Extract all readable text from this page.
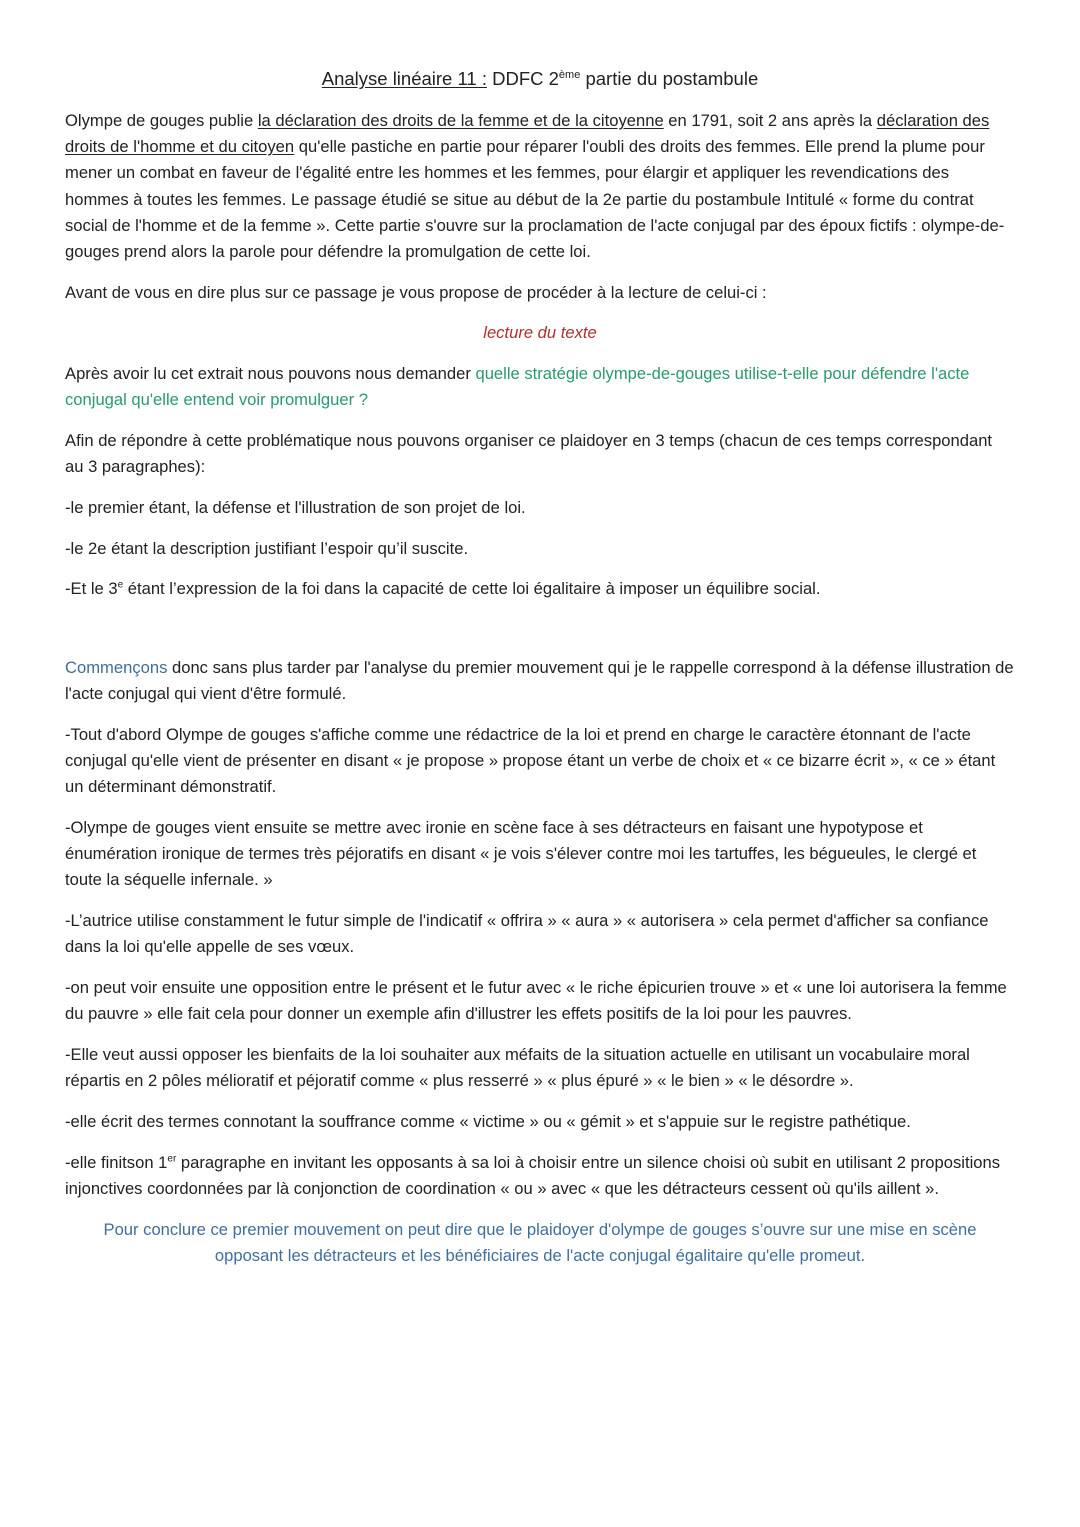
Analyse linéaire 11 : DDFC 2ème partie du postambule

Olympe de gouges publie la déclaration des droits de la femme et de la citoyenne en 1791, soit 2 ans après la déclaration des droits de l'homme et du citoyen qu'elle pastiche en partie pour réparer l'oubli des droits des femmes. Elle prend la plume pour mener un combat en faveur de l'égalité entre les hommes et les femmes, pour élargir et appliquer les revendications des hommes à toutes les femmes. Le passage étudié se situe au début de la 2e partie du postambule Intitulé « forme du contrat social de l'homme et de la femme ». Cette partie s'ouvre sur la proclamation de l'acte conjugal par des époux fictifs : olympe-de-gouges prend alors la parole pour défendre la promulgation de cette loi.

Avant de vous en dire plus sur ce passage je vous propose de procéder à la lecture de celui-ci :

lecture du texte

Après avoir lu cet extrait nous pouvons nous demander quelle stratégie olympe-de-gouges utilise-t-elle pour défendre l'acte conjugal qu'elle entend voir promulguer ?

Afin de répondre à cette problématique nous pouvons organiser ce plaidoyer en 3 temps (chacun de ces temps correspondant au 3 paragraphes):

-le premier étant, la défense et l'illustration de son projet de loi.

-le 2e étant la description justifiant l’espoir qu’il suscite.

-Et le 3e étant l’expression de la foi dans la capacité de cette loi égalitaire à imposer un équilibre social.

Commençons donc sans plus tarder par l'analyse du premier mouvement qui je le rappelle correspond à la défense illustration de l'acte conjugal qui vient d'être formulé.

-Tout d'abord Olympe de gouges s'affiche comme une rédactrice de la loi et prend en charge le caractère étonnant de l'acte conjugal qu'elle vient de présenter en disant « je propose » propose étant un verbe de choix et « ce bizarre écrit », « ce » étant un déterminant démonstratif.

-Olympe de gouges vient ensuite se mettre avec ironie en scène face à ses détracteurs en faisant une hypotypose et énumération ironique de termes très péjoratifs en disant « je vois s'élever contre moi les tartuffes, les bégueules, le clergé et toute la séquelle infernale. »

-L’autrice utilise constamment le futur simple de l'indicatif « offrira » « aura » « autorisera » cela permet d'afficher sa confiance dans la loi qu'elle appelle de ses vœux.

-on peut voir ensuite une opposition entre le présent et le futur avec « le riche épicurien trouve » et « une loi autorisera la femme du pauvre » elle fait cela pour donner un exemple afin d'illustrer les effets positifs de la loi pour les pauvres.

-Elle veut aussi opposer les bienfaits de la loi souhaiter aux méfaits de la situation actuelle en utilisant un vocabulaire moral répartis en 2 pôles mélioratif et péjoratif comme « plus resserré » « plus épuré » « le bien » « le désordre ».

-elle écrit des termes connotant la souffrance comme « victime » ou « gémit » et s'appuie sur le registre pathétique.

-elle finitson 1er paragraphe en invitant les opposants à sa loi à choisir entre un silence choisi où subit en utilisant 2 propositions injonctives coordonnées par là conjonction de coordination « ou » avec « que les détracteurs cessent où qu'ils aillent ».

Pour conclure ce premier mouvement on peut dire que le plaidoyer d'olympe de gouges s’ouvre sur une mise en scène opposant les détracteurs et les bénéficiaires de l'acte conjugal égalitaire qu'elle promeut.
